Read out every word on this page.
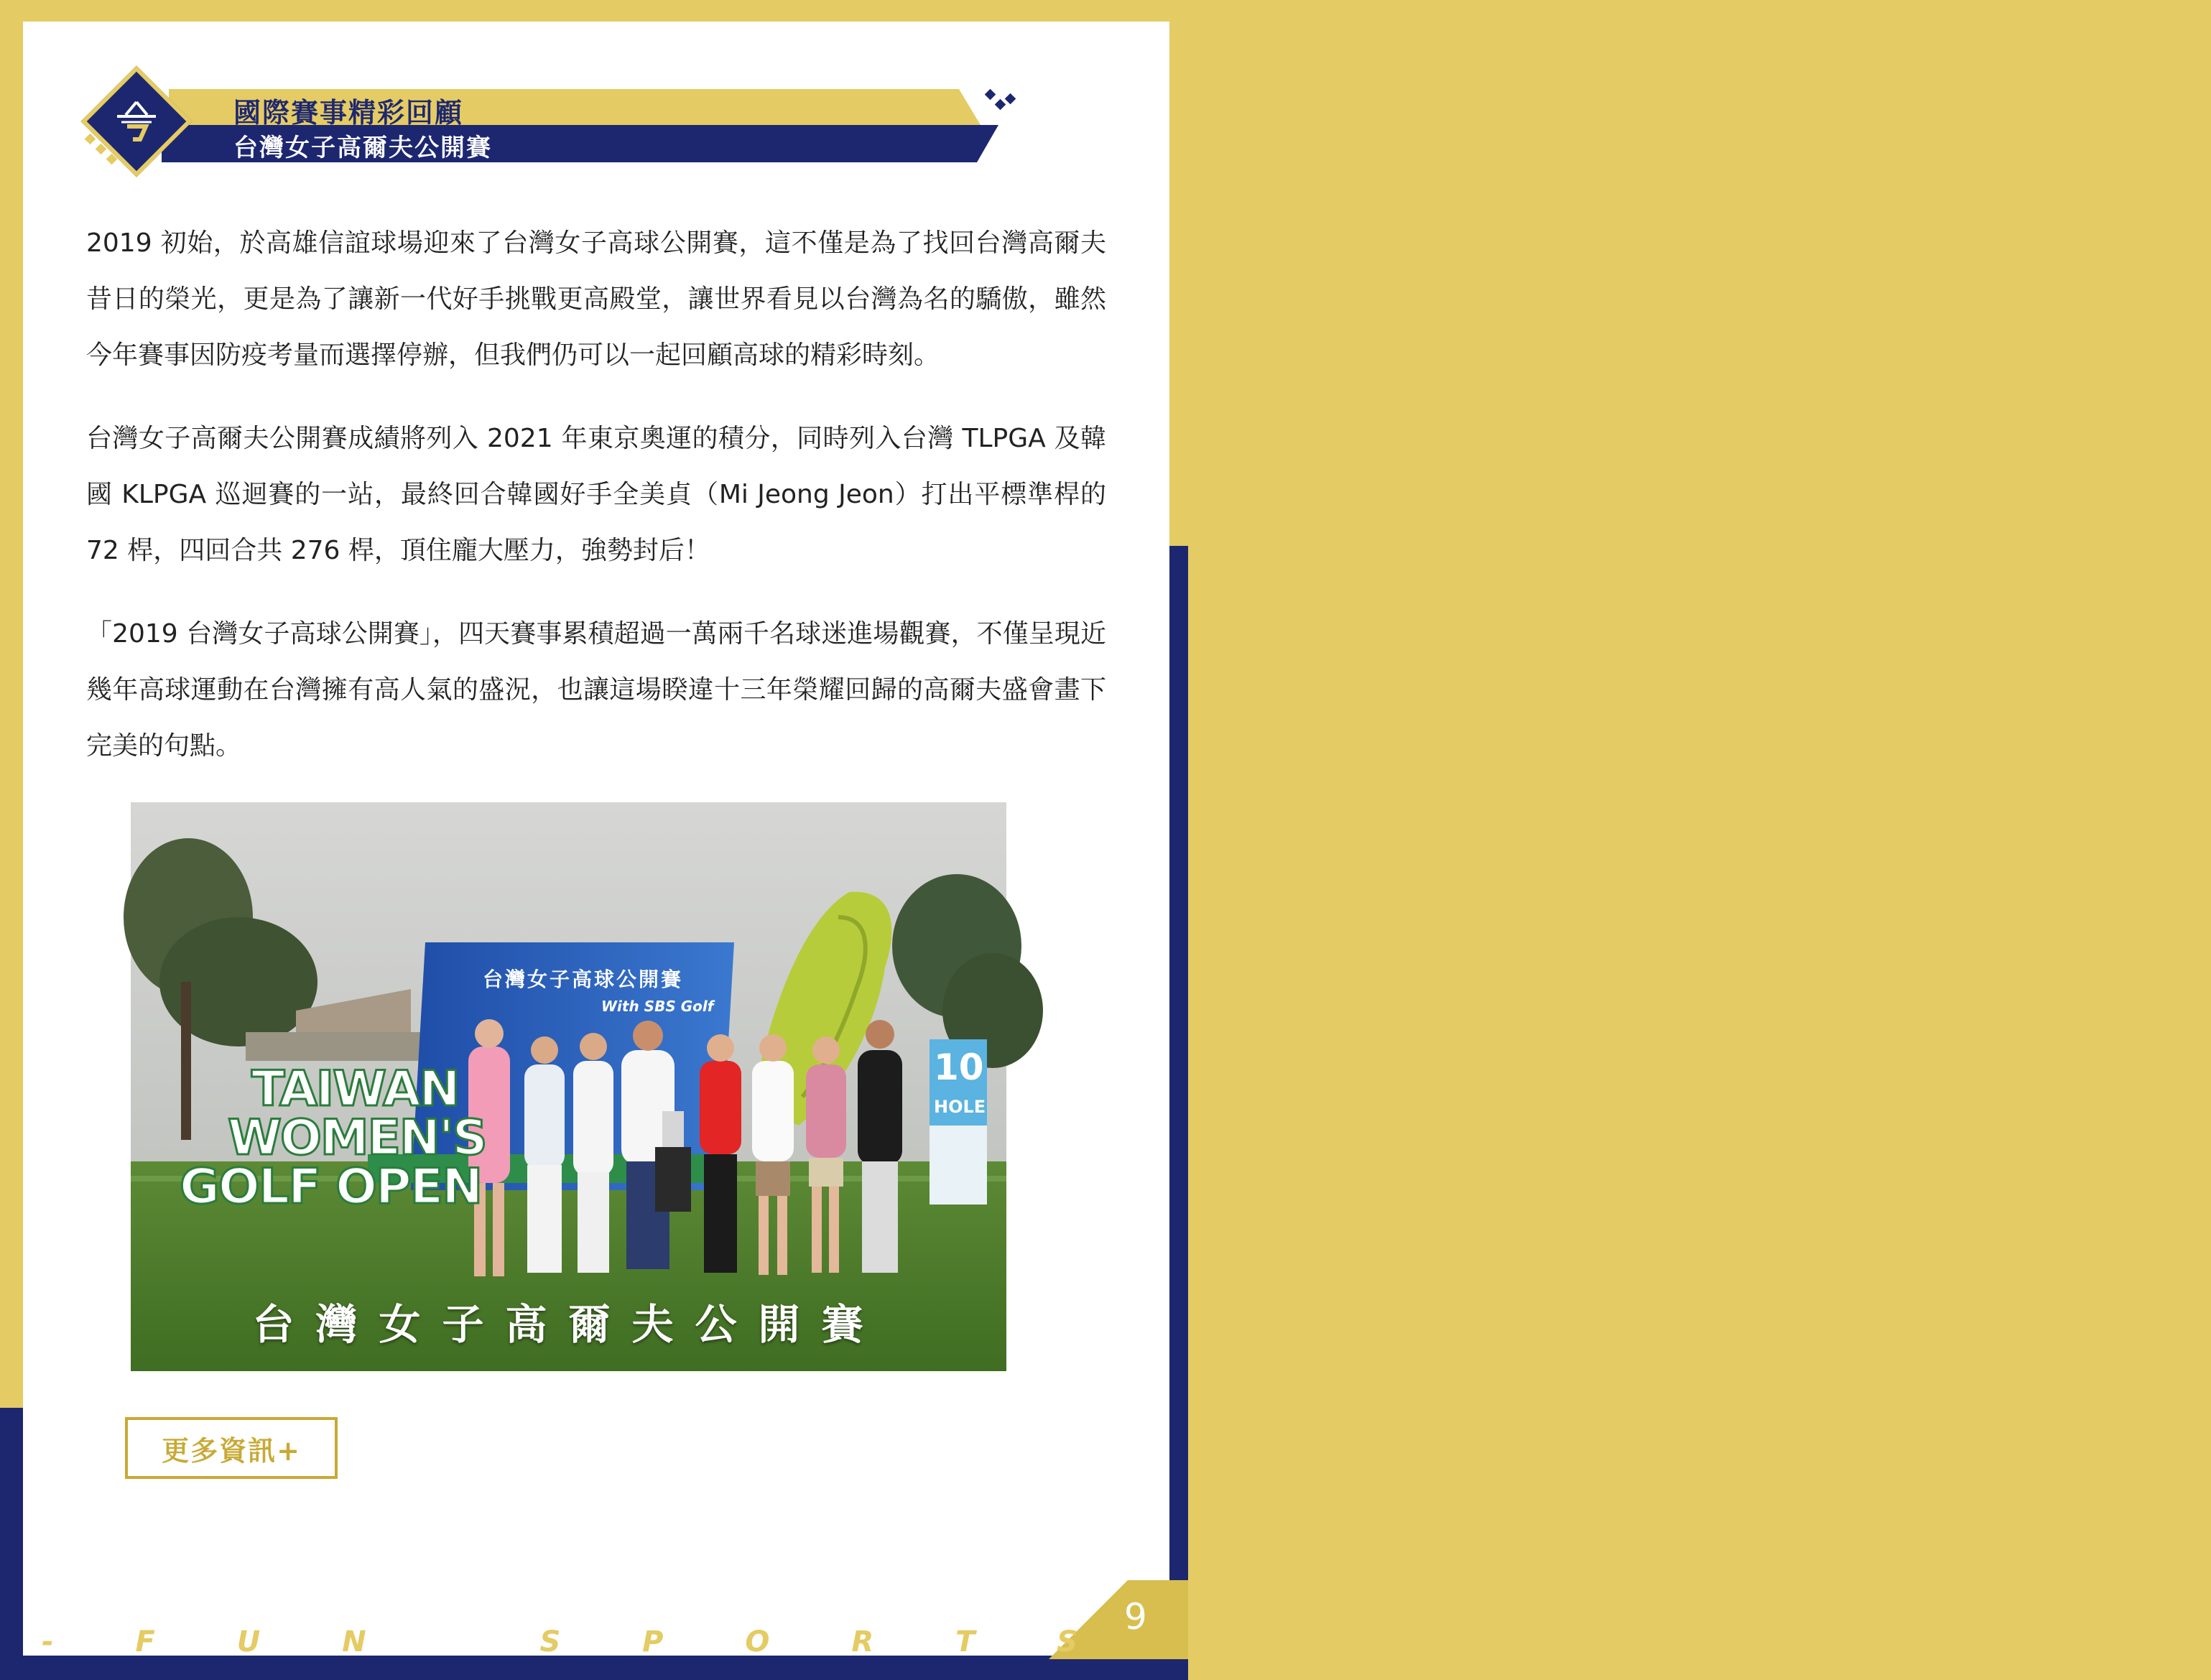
國際賽事精彩回顧
台灣女子高爾夫公開賽

2019 初始，於高雄信誼球場迎來了台灣女子高球公開賽，這不僅是為了找回台灣高爾夫昔日的榮光，更是為了讓新一代好手挑戰更高殿堂，讓世界看見以台灣為名的驕傲，雖然今年賽事因防疫考量而選擇停辦，但我們仍可以一起回顧高球的精彩時刻。

台灣女子高爾夫公開賽成績將列入 2021 年東京奧運的積分，同時列入台灣 TLPGA 及韓國 KLPGA 巡迴賽的一站，最終回合韓國好手全美貞（Mi Jeong Jeon）打出平標準桿的 72 桿，四回合共 276 桿，頂住龐大壓力，強勢封后！

「2019 台灣女子高球公開賽」，四天賽事累積超過一萬兩千名球迷進場觀賽，不僅呈現近幾年高球運動在台灣擁有高人氣的盛況，也讓這場睽違十三年榮耀回歸的高爾夫盛會畫下完美的句點。

台灣女子高球公開賽
With SBS Golf
TAIWAN
WOMEN'S
GOLF OPEN
10
HOLE
台灣女子高爾夫公開賽
更多資訊+
9
- F U N   S P O R T S   I N   T A I W A N -
